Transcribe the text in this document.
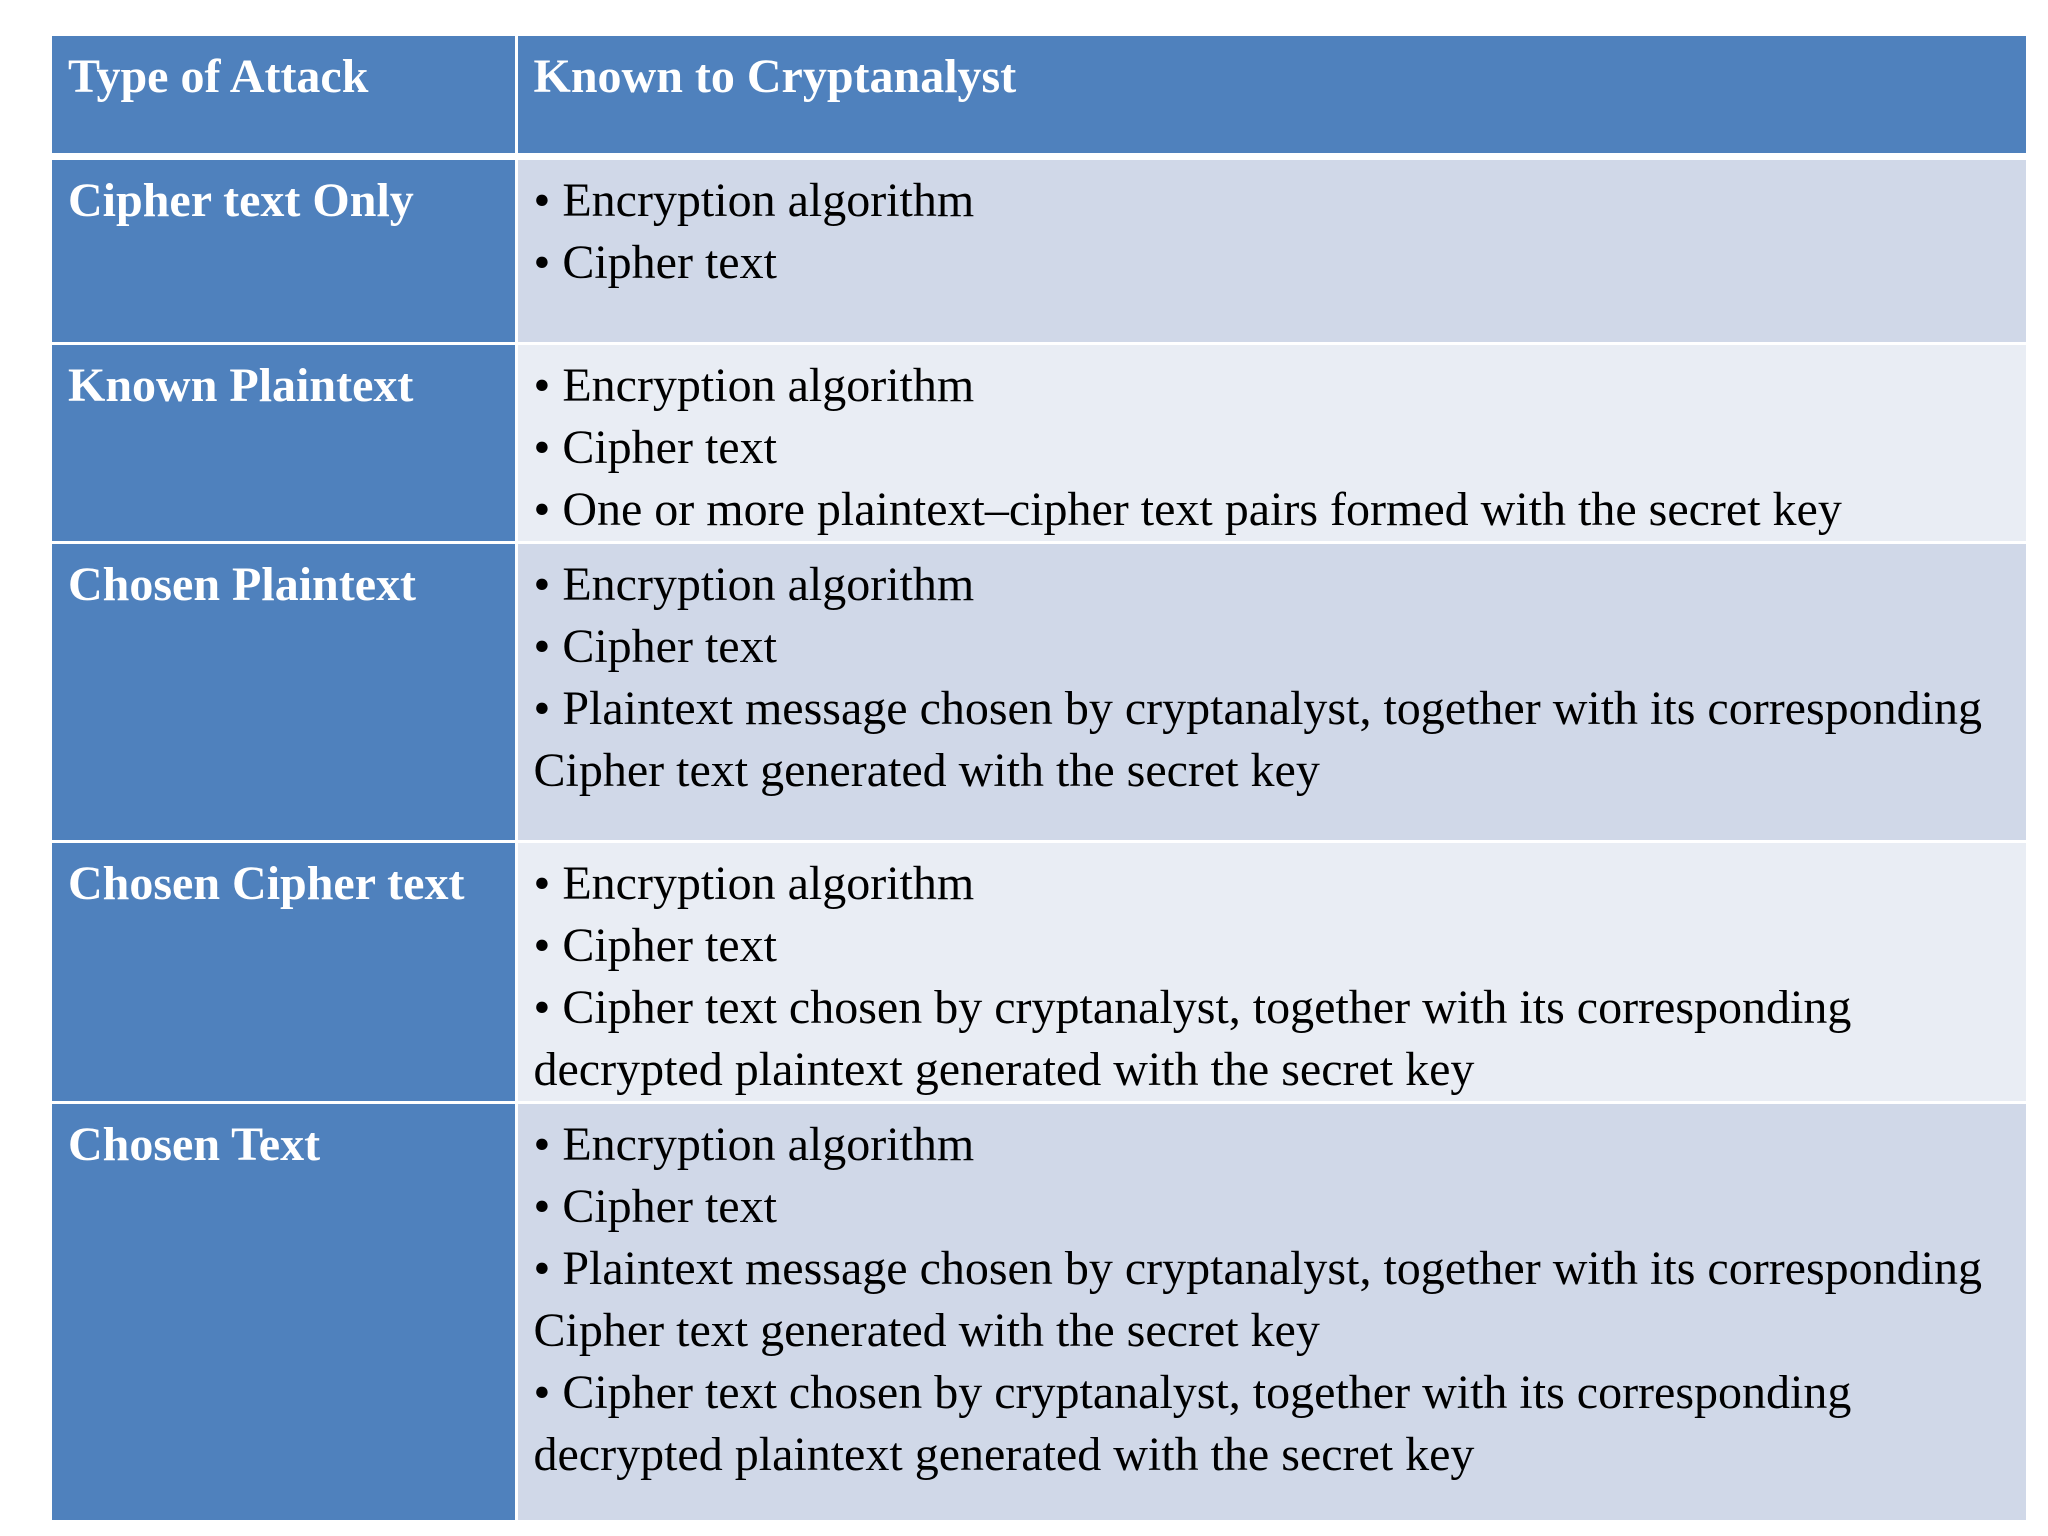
Type of Attack	Known to Cryptanalyst
Cipher text Only	• Encryption algorithm
• Cipher text

Known Plaintext	• Encryption algorithm
• Cipher text
• One or more plaintext–cipher text pairs formed with the secret key

Chosen Plaintext	• Encryption algorithm
• Cipher text
• Plaintext message chosen by cryptanalyst, together with its corresponding Cipher text generated with the secret key

Chosen Cipher text	• Encryption algorithm
• Cipher text
• Cipher text chosen by cryptanalyst, together with its corresponding decrypted plaintext generated with the secret key

Chosen Text	• Encryption algorithm
• Cipher text
• Plaintext message chosen by cryptanalyst, together with its corresponding Cipher text generated with the secret key
• Cipher text chosen by cryptanalyst, together with its corresponding decrypted plaintext generated with the secret key
